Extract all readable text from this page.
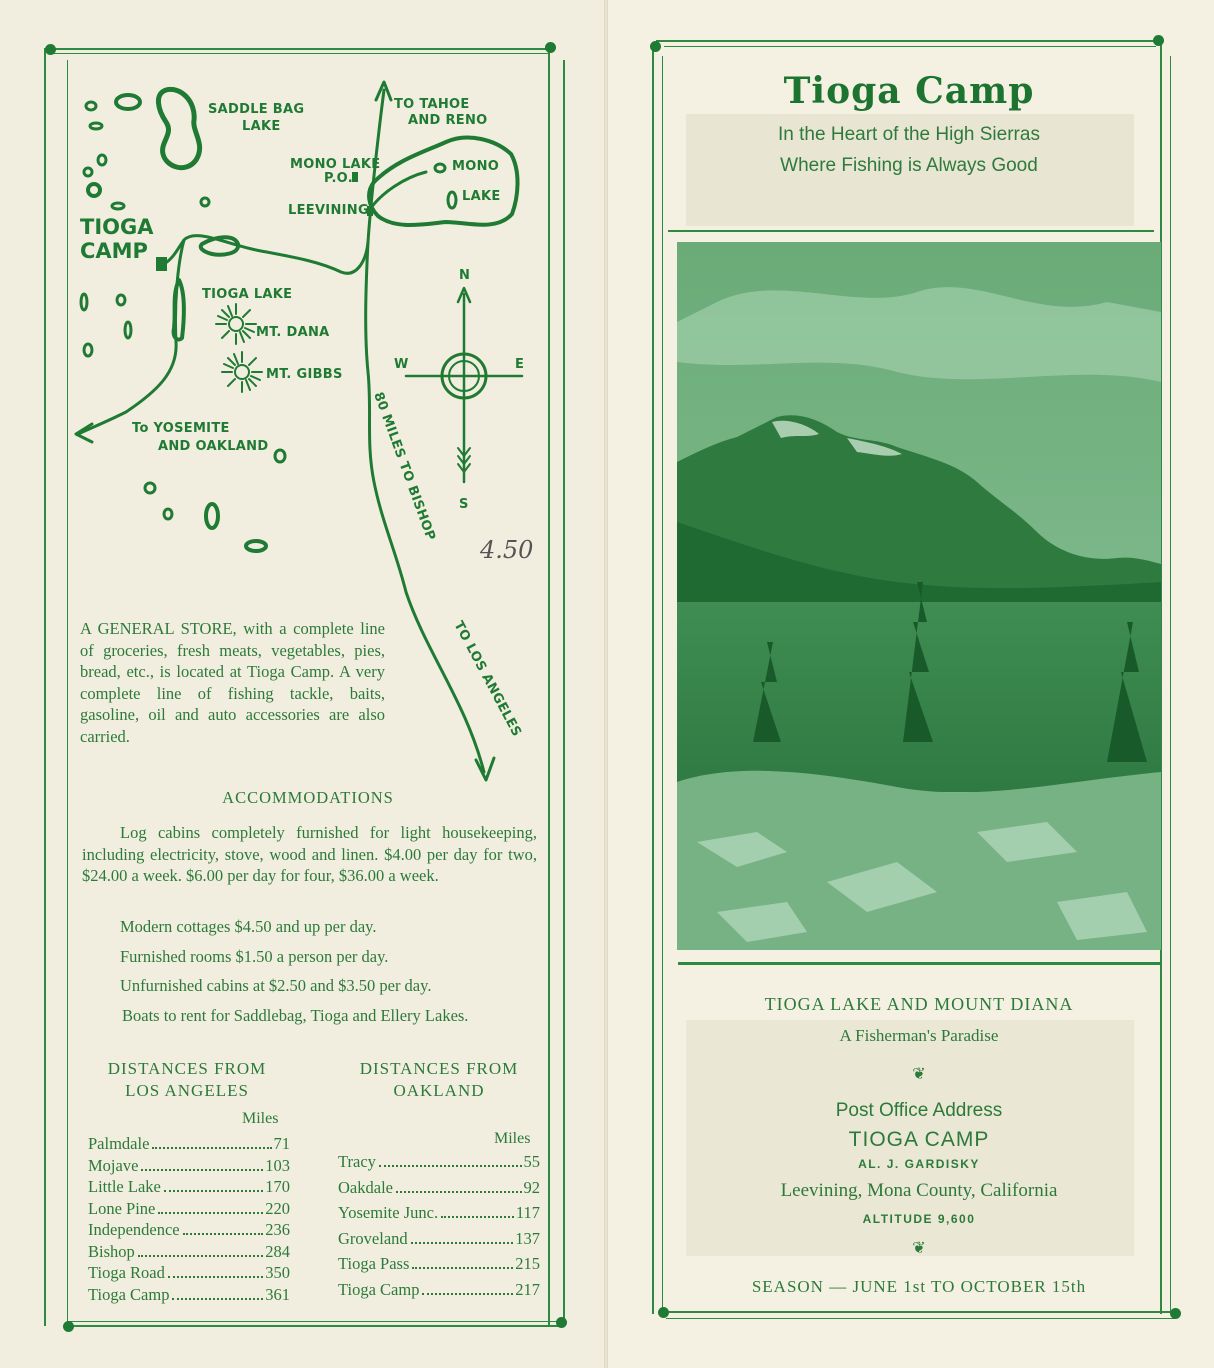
SADDLE BAG
LAKE
TO TAHOE
AND RENO
MONO LAKE
P.O.
MONO
LAKE
LEEVINING
TIOGA
CAMP
TIOGA LAKE
MT. DANA
MT. GIBBS
To YOSEMITE
AND OAKLAND	80 MILES TO BISHOP
TO LOS ANGELES
N
S
E
W
4.50

A GENERAL STORE, with a complete line of groceries, fresh meats, vegetables, pies, bread, etc., is located at Tioga Camp. A very complete line of fishing tackle, baits, gasoline, oil and auto accessories are also carried.

ACCOMMODATIONS

Log cabins completely furnished for light housekeeping, including electricity, stove, wood and linen. $4.00 per day for two, $24.00 a week. $6.00 per day for four, $36.00 a week.

Modern cottages $4.50 and up per day.

Furnished rooms $1.50 a person per day.

Unfurnished cabins at $2.50 and $3.50 per day.

Boats to rent for Saddlebag, Tioga and Ellery Lakes.

DISTANCES FROM
LOS ANGELES
Miles
Palmdale	71
Mojave	103
Little Lake	170
Lone Pine	220
Independence	236
Bishop	284
Tioga Road	350
Tioga Camp	361
DISTANCES FROM
OAKLAND
Miles
Tracy	55
Oakdale	92
Yosemite Junc.	117
Groveland	137
Tioga Pass	215
Tioga Camp	217
Tioga Camp
In the Heart of the High Sierras
Where Fishing is Always Good
TIOGA LAKE AND MOUNT DIANA
A Fisherman's Paradise
❦
Post Office Address
TIOGA CAMP
AL. J. GARDISKY
Leevining, Mona County, California
ALTITUDE 9,600
❦
SEASON — JUNE 1st TO OCTOBER 15th
